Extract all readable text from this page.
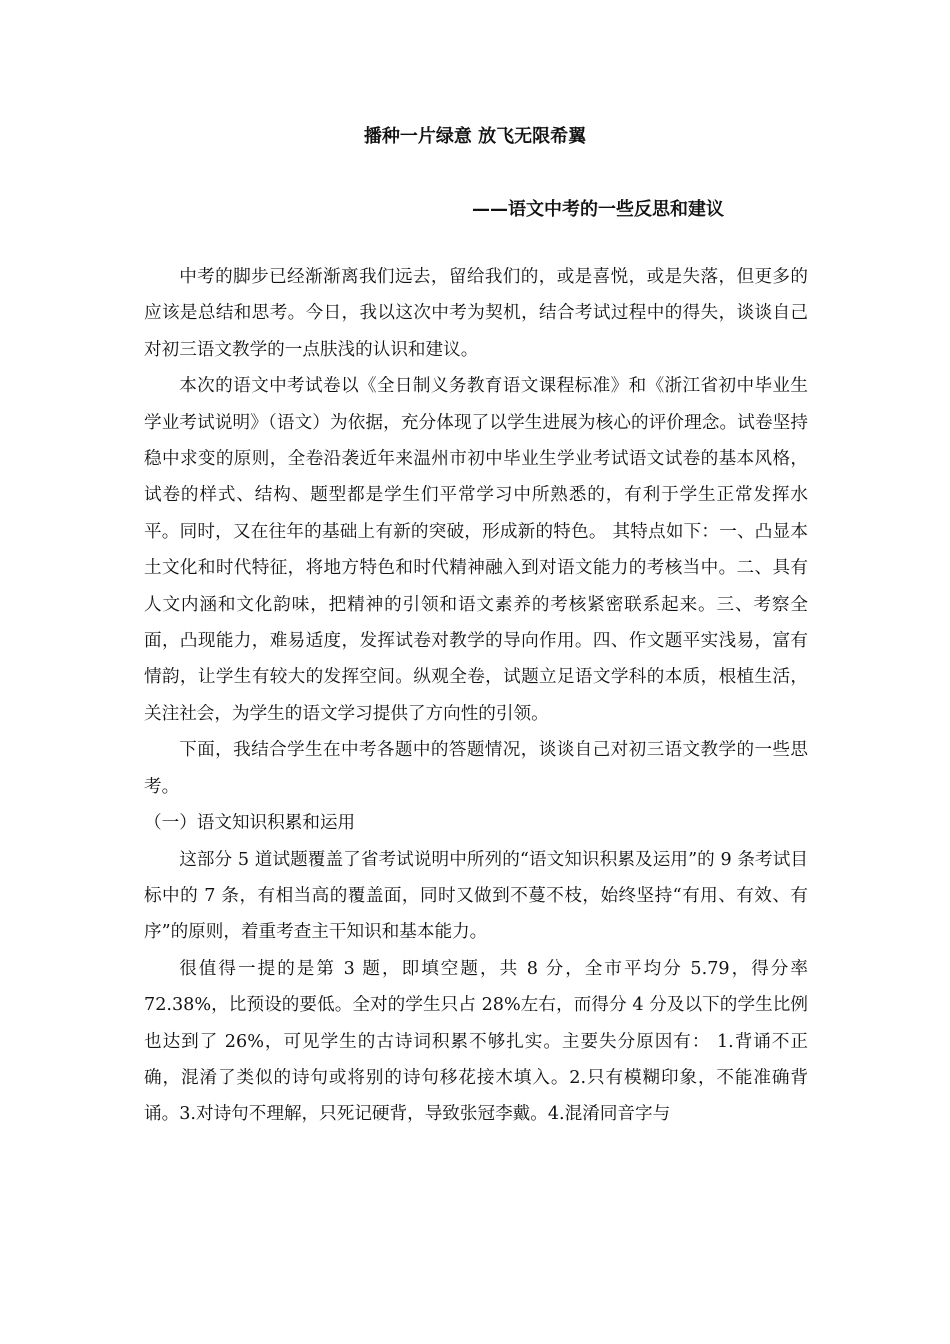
播种一片绿意 放飞无限希翼
——语文中考的一些反思和建议

中考的脚步已经渐渐离我们远去，留给我们的，或是喜悦，或是失落，但更多的应该是总结和思考。今日，我以这次中考为契机，结合考试过程中的得失，谈谈自己对初三语文教学的一点肤浅的认识和建议。

本次的语文中考试卷以《全日制义务教育语文课程标准》和《浙江省初中毕业生学业考试说明》（语文）为依据，充分体现了以学生进展为核心的评价理念。试卷坚持稳中求变的原则，全卷沿袭近年来温州市初中毕业生学业考试语文试卷的基本风格，试卷的样式、结构、题型都是学生们平常学习中所熟悉的，有利于学生正常发挥水平。同时，又在往年的基础上有新的突破，形成新的特色。 其特点如下：一、凸显本土文化和时代特征，将地方特色和时代精神融入到对语文能力的考核当中。二、具有人文内涵和文化韵味，把精神的引领和语文素养的考核紧密联系起来。三、考察全面，凸现能力，难易适度，发挥试卷对教学的导向作用。四、作文题平实浅易，富有情韵，让学生有较大的发挥空间。纵观全卷，试题立足语文学科的本质，根植生活，关注社会，为学生的语文学习提供了方向性的引领。

下面，我结合学生在中考各题中的答题情况，谈谈自己对初三语文教学的一些思考。

（一）语文知识积累和运用

这部分 5 道试题覆盖了省考试说明中所列的“语文知识积累及运用”的 9 条考试目标中的 7 条，有相当高的覆盖面，同时又做到不蔓不枝，始终坚持“有用、有效、有序”的原则，着重考查主干知识和基本能力。

很值得一提的是第 3 题，即填空题，共 8 分，全市平均分 5.79，得分率 72.38%，比预设的要低。全对的学生只占 28%左右，而得分 4 分及以下的学生比例也达到了 26%，可见学生的古诗词积累不够扎实。主要失分原因有： 1.背诵不正确，混淆了类似的诗句或将别的诗句移花接木填入。2.只有模糊印象，不能准确背诵。3.对诗句不理解，只死记硬背，导致张冠李戴。4.混淆同音字与
